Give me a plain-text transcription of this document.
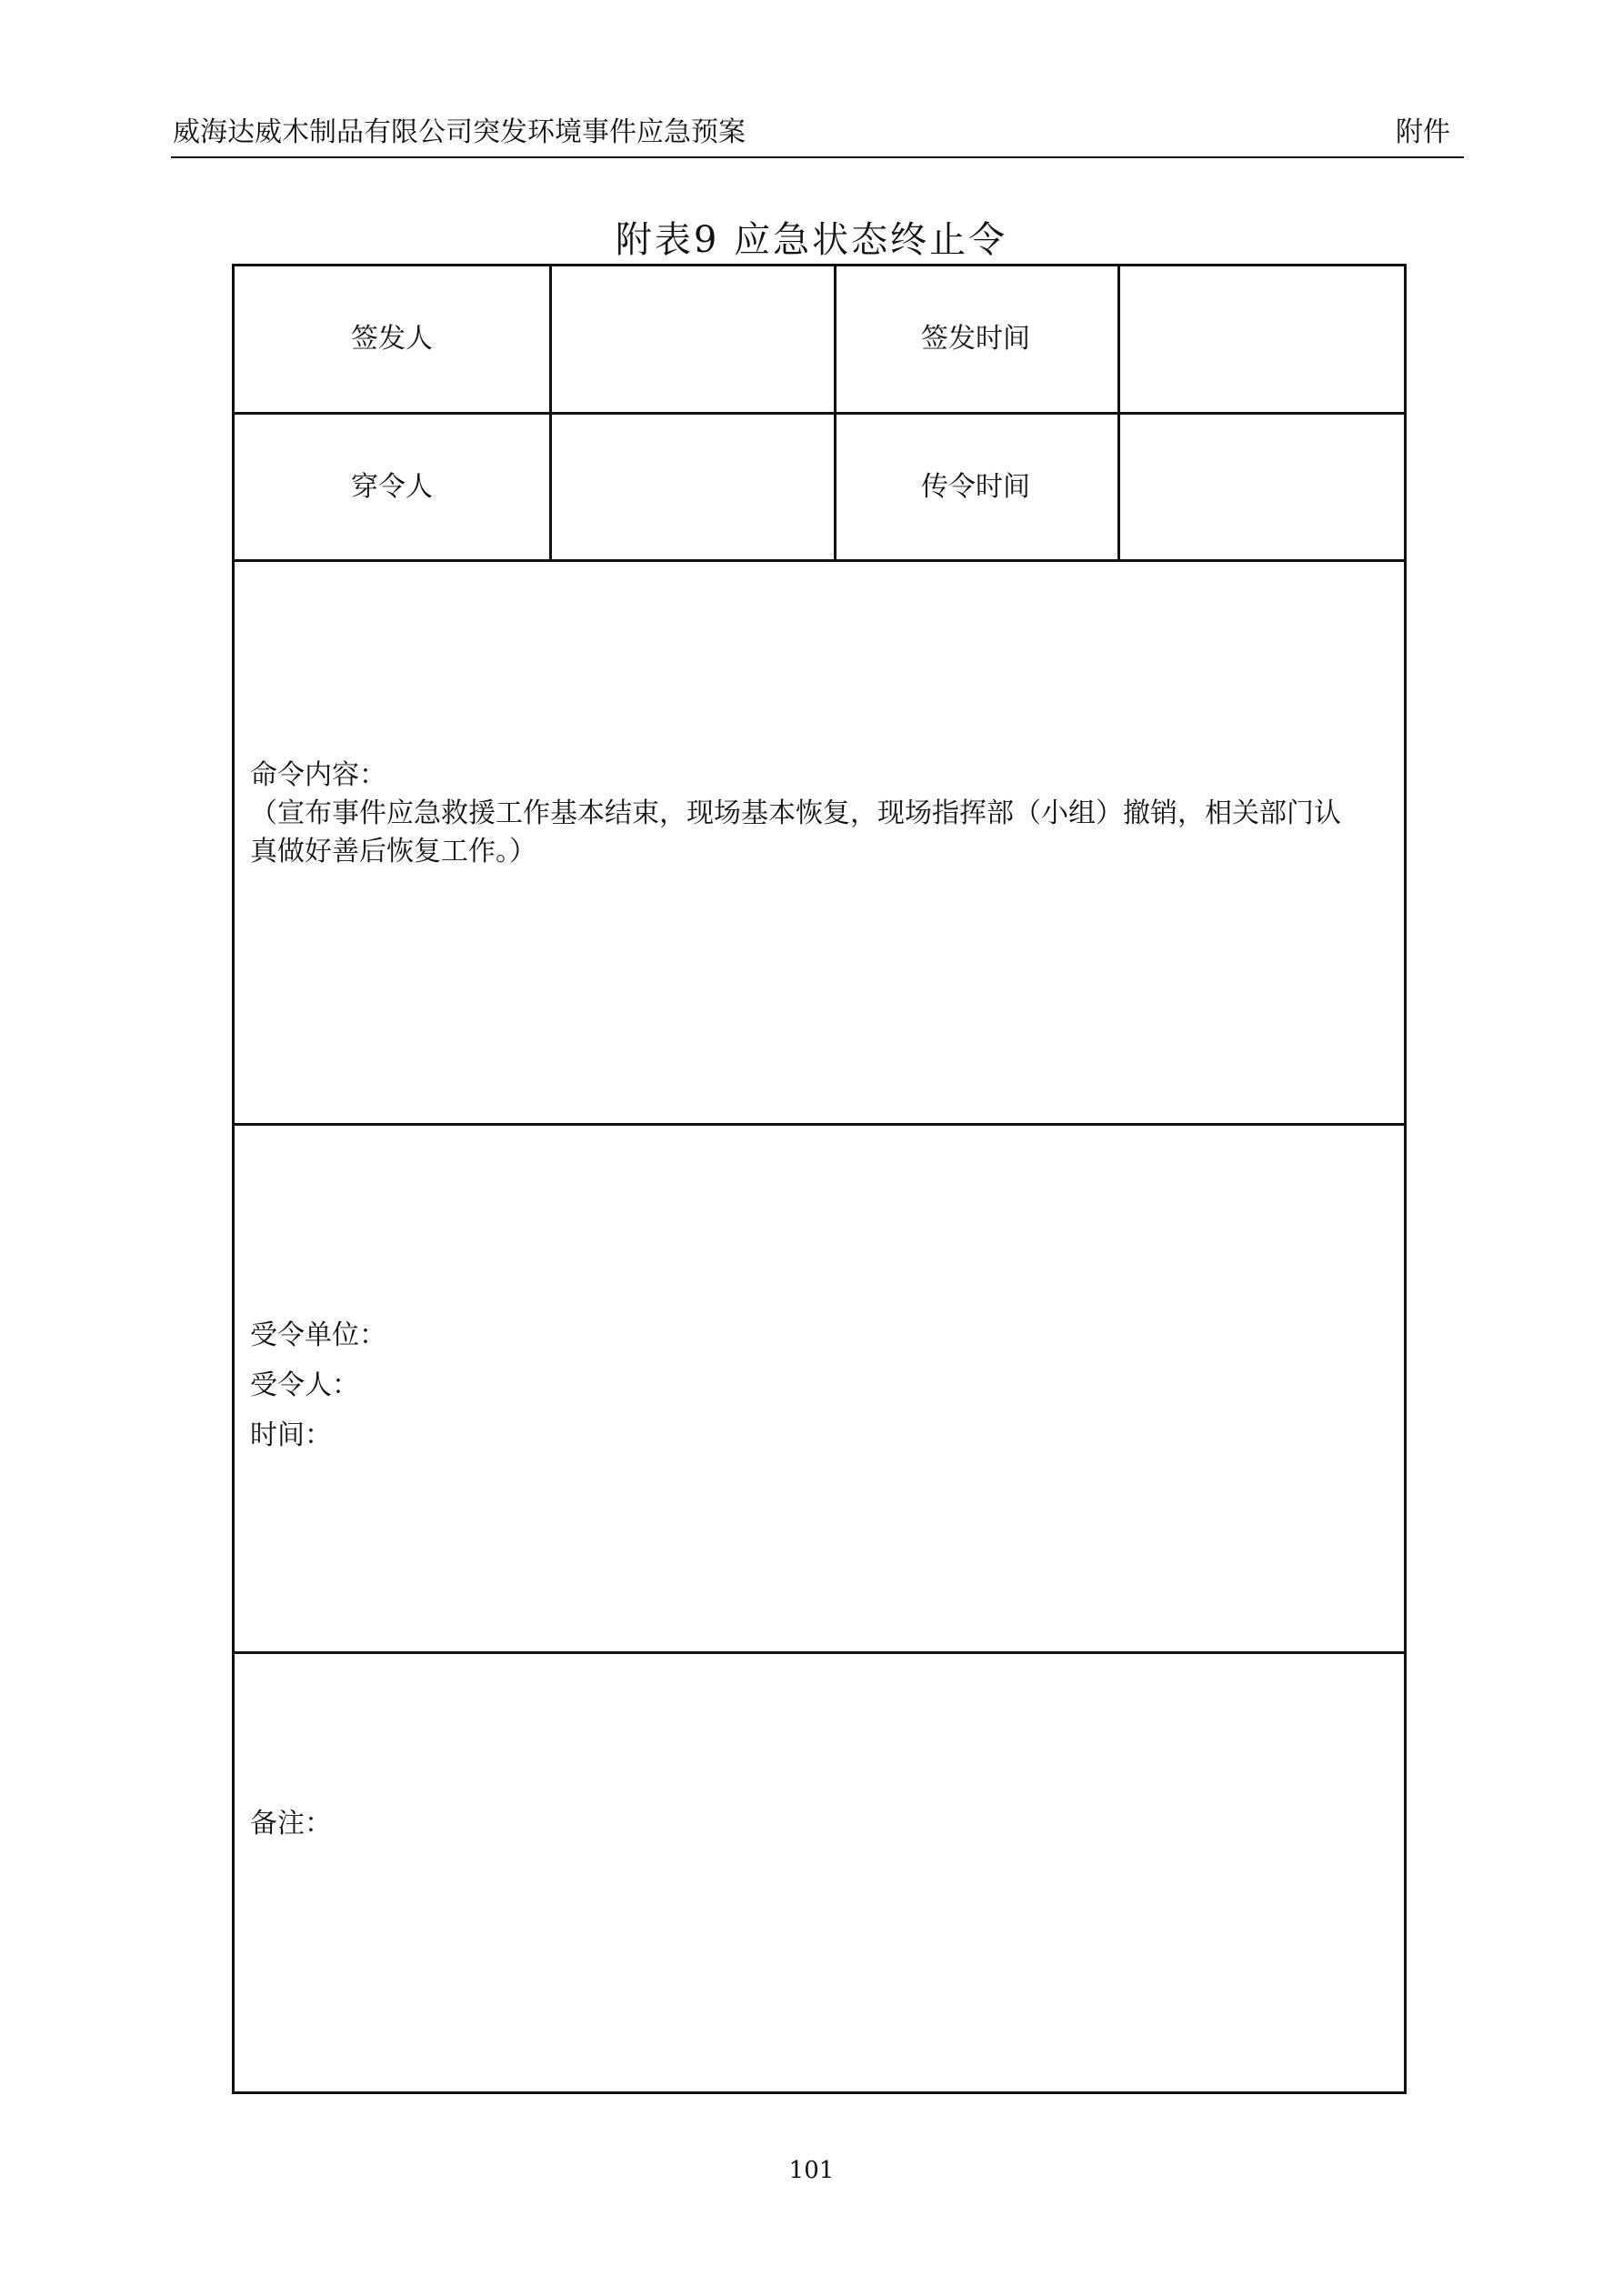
威海达威木制品有限公司突发环境事件应急预案	附件
附表9 应急状态终止令
签发人	签发时间
穿令人	传令时间
命令内容：
（宣布事件应急救援工作基本结束，现场基本恢复，现场指挥部（小组）撤销，相关部门认
真做好善后恢复工作。）
受令单位：
受令人：
时间：
备注：
101
